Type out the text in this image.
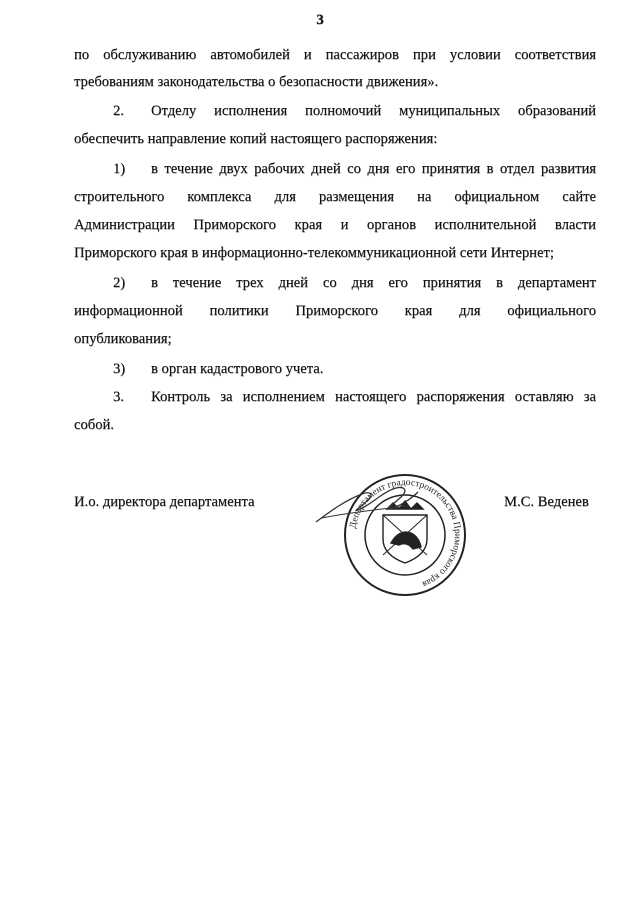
3
по обслуживанию автомобилей и пассажиров при условии соответствия
требованиям законодательства о безопасности движения».
2. Отделу исполнения полномочий муниципальных образований
обеспечить направление копий настоящего распоряжения:
1) в течение двух рабочих дней со дня его принятия в отдел развития
строительного комплекса для размещения на официальном сайте
Администрации Приморского края и органов исполнительной власти
Приморского края в информационно-телекоммуникационной сети Интернет;
2) в течение трех дней со дня его принятия в департамент
информационной политики Приморского края для официального
опубликования;
3) в орган кадастрового учета.
3. Контроль за исполнением настоящего распоряжения оставляю за
собой.
И.о. директора департамента
Департамент градостроительства Приморского края
М.С. Веденев
